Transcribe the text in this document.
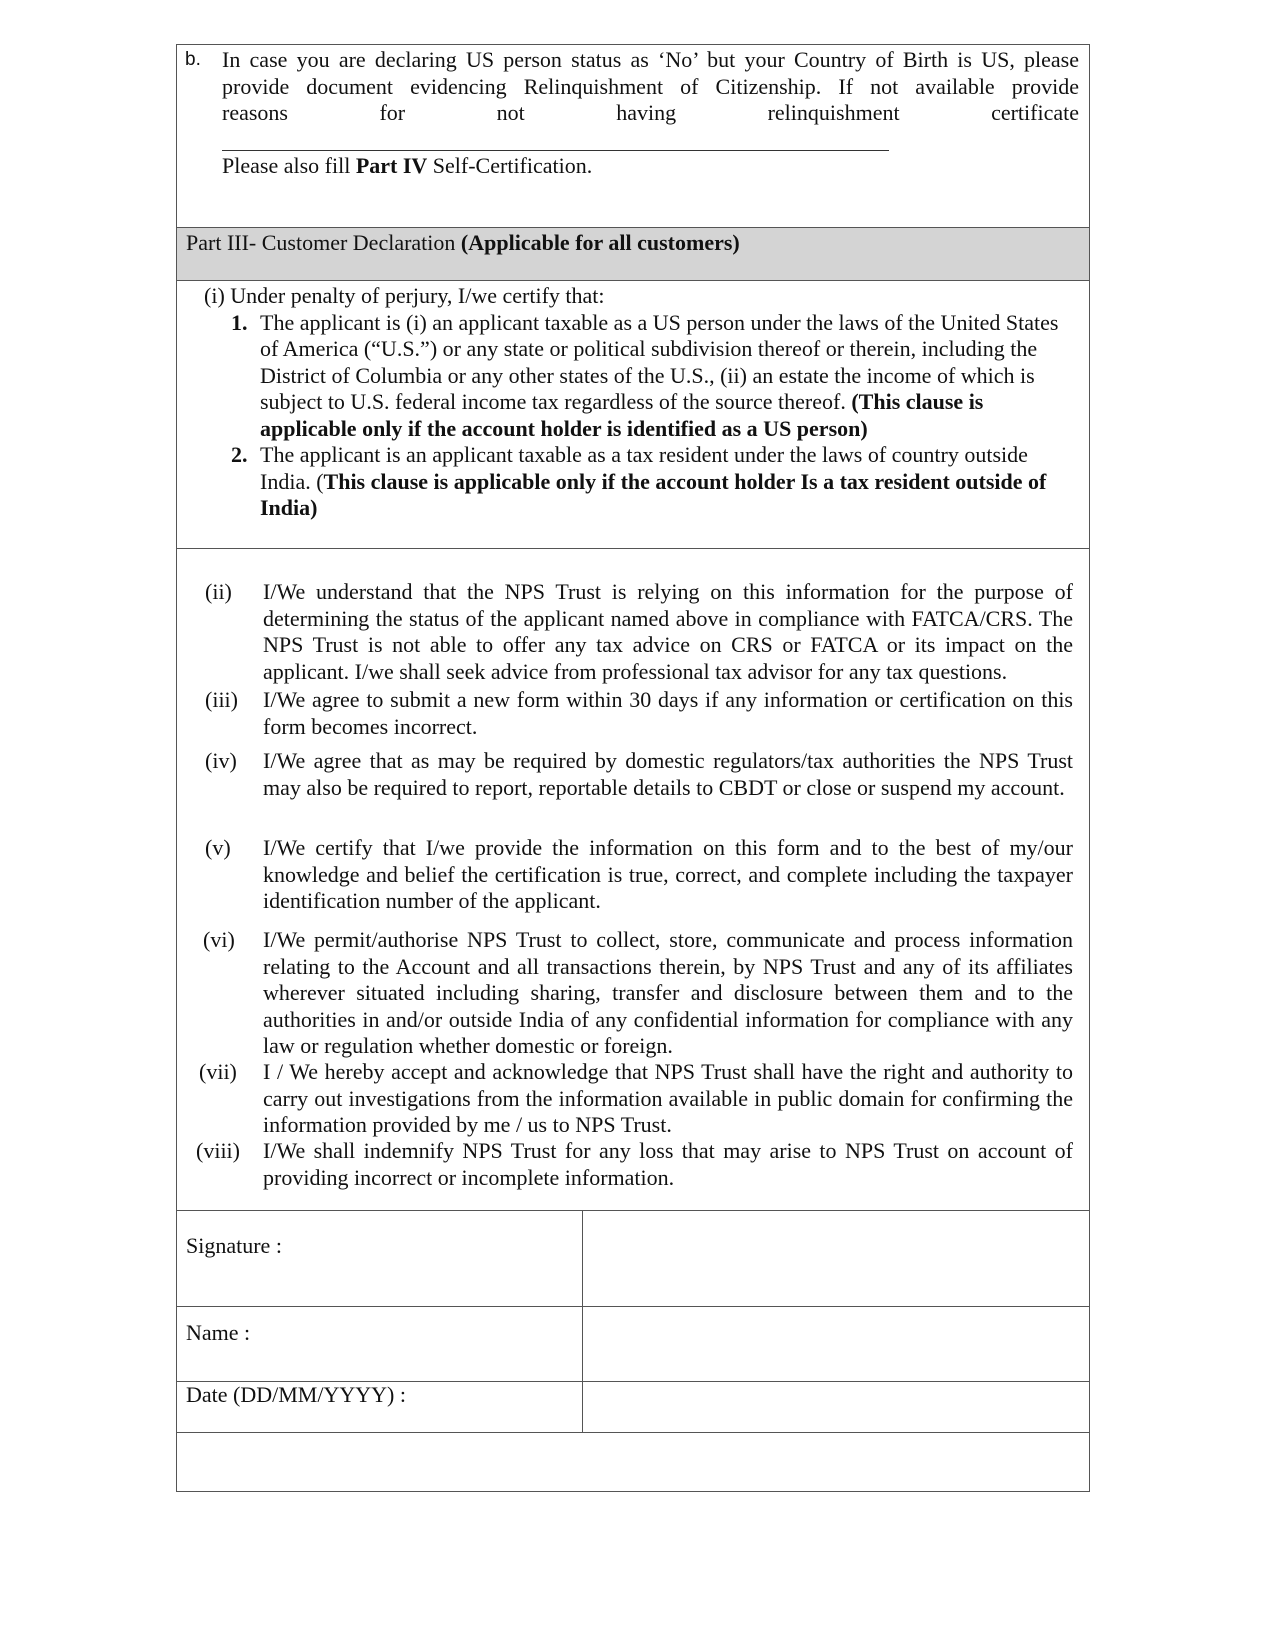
b. In case you are declaring US person status as ‘No’ but your Country of Birth is US, please
provide document evidencing Relinquishment of Citizenship. If not available provide
reasons for not having relinquishment certificate
Please also fill Part IV Self-Certification.
Part III- Customer Declaration (Applicable for all customers)
(i) Under penalty of perjury, I/we certify that:
1. The applicant is (i) an applicant taxable as a US person under the laws of the United States of America (“U.S.”) or any state or political subdivision thereof or therein, including the District of Columbia or any other states of the U.S., (ii) an estate the income of which is subject to U.S. federal income tax regardless of the source thereof. (This clause is applicable only if the account holder is identified as a US person)
2. The applicant is an applicant taxable as a tax resident under the laws of country outside India. (This clause is applicable only if the account holder Is a tax resident outside of India)
(ii)	I/We understand that the NPS Trust is relying on this information for the purpose of determining the status of the applicant named above in compliance with FATCA/CRS. The NPS Trust is not able to offer any tax advice on CRS or FATCA or its impact on the applicant. I/we shall seek advice from professional tax advisor for any tax questions.
(iii)	I/We agree to submit a new form within 30 days if any information or certification on this form becomes incorrect.
(iv)	I/We agree that as may be required by domestic regulators/tax authorities the NPS Trust may also be required to report, reportable details to CBDT or close or suspend my account.
(v)	I/We certify that I/we provide the information on this form and to the best of my/our knowledge and belief the certification is true, correct, and complete including the taxpayer identification number of the applicant.
(vi)	I/We permit/authorise NPS Trust to collect, store, communicate and process information relating to the Account and all transactions therein, by NPS Trust and any of its affiliates wherever situated including sharing, transfer and disclosure between them and to the authorities in and/or outside India of any confidential information for compliance with any law or regulation whether domestic or foreign.
(vii)	I / We hereby accept and acknowledge that NPS Trust shall have the right and authority to carry out investigations from the information available in public domain for confirming the information provided by me / us to NPS Trust.
(viii)	I/We shall indemnify NPS Trust for any loss that may arise to NPS Trust on account of providing incorrect or incomplete information.
Signature :
Name :
Date (DD/MM/YYYY) :
